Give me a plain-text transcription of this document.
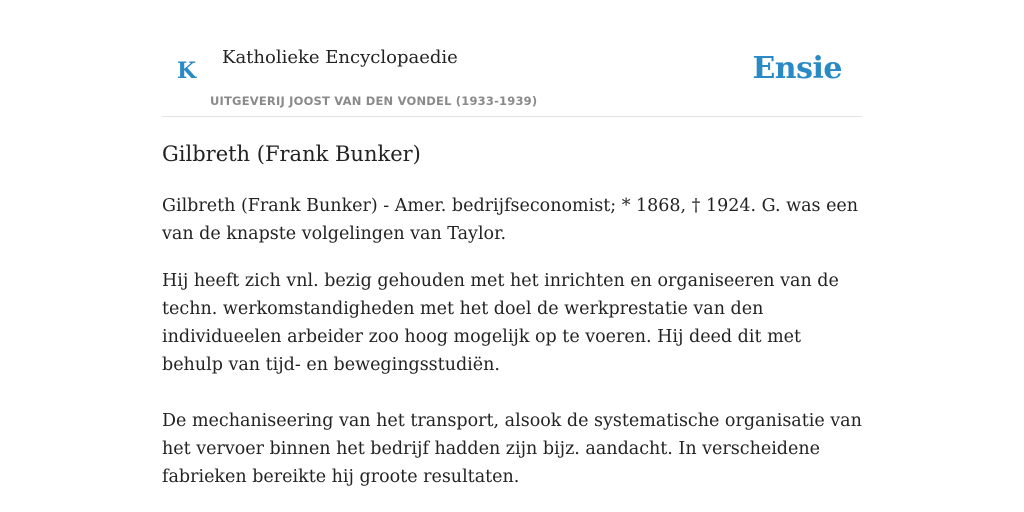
K
Katholieke Encyclopaedie
UITGEVERIJ JOOST VAN DEN VONDEL (1933-1939)
Ensie
Gilbreth (Frank Bunker)

Gilbreth (Frank Bunker) - Amer. bedrijfseconomist; * 1868, † 1924. G. was een van de knapste volgelingen van Taylor.

Hij heeft zich vnl. bezig gehouden met het inrichten en organiseeren van de techn. werkomstandigheden met het doel de werkprestatie van den individueelen arbeider zoo hoog mogelijk op te voeren. Hij deed dit met behulp van tijd- en bewegingsstudiën.

De mechaniseering van het transport, alsook de systematische organisatie van het vervoer binnen het bedrijf hadden zijn bijz. aandacht. In verscheidene fabrieken bereikte hij groote resultaten.
